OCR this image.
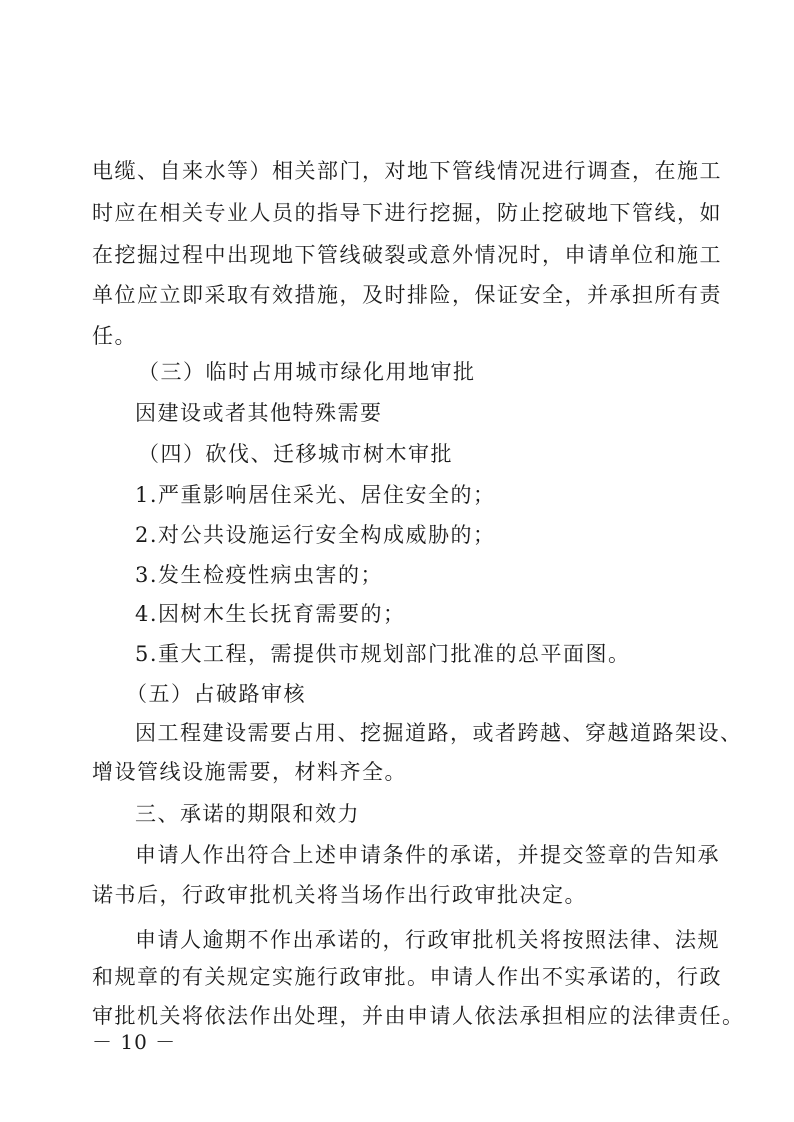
电缆、自来水等）相关部门，对地下管线情况进行调查，在施工
时应在相关专业人员的指导下进行挖掘，防止挖破地下管线，如
在挖掘过程中出现地下管线破裂或意外情况时，申请单位和施工
单位应立即采取有效措施，及时排险，保证安全，并承担所有责
任。
（三）临时占用城市绿化用地审批
因建设或者其他特殊需要
（四）砍伐、迁移城市树木审批
1.严重影响居住采光、居住安全的；
2.对公共设施运行安全构成威胁的；
3.发生检疫性病虫害的；
4.因树木生长抚育需要的；
5.重大工程，需提供市规划部门批准的总平面图。
（五）占破路审核
因工程建设需要占用、挖掘道路，或者跨越、穿越道路架设、
增设管线设施需要，材料齐全。
三、承诺的期限和效力
申请人作出符合上述申请条件的承诺，并提交签章的告知承
诺书后，行政审批机关将当场作出行政审批决定。
申请人逾期不作出承诺的，行政审批机关将按照法律、法规
和规章的有关规定实施行政审批。申请人作出不实承诺的，行政
审批机关将依法作出处理，并由申请人依法承担相应的法律责任。
－ 10 －
